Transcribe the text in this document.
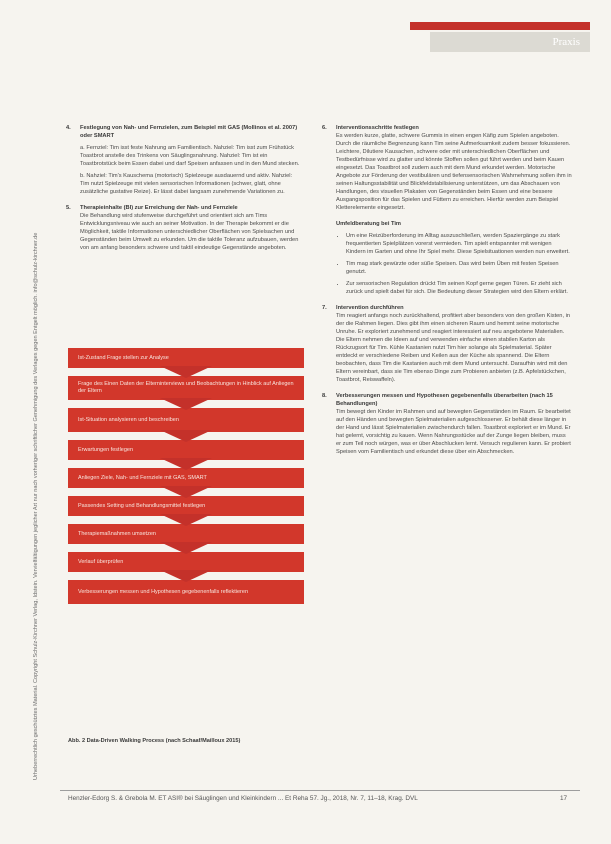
Praxis
Urheberrechtlich geschütztes Material. Copyright Schulz-Kirchner Verlag, Idstein. Vervielfältigungen jeglicher Art nur nach vorheriger schriftlicher Genehmigung des Verlages gegen Entgelt möglich. info@schulz-kirchner.de
4.	Festlegung von Nah- und Fernzielen, zum Beispiel mit GAS (Mollinos et al. 2007) oder SMART
a. Fernziel: Tim isst feste Nahrung am Familientisch. Nahziel: Tim isst zum Frühstück Toastbrot anstelle des Trinkens von Säuglingsnahrung. Nahziel: Tim ist ein Toastbrotstück beim Essen dabei und darf Speisen anfassen und in den Mund stecken.
b. Nahziel: Tim's Kauschema (motorisch) Spielzeuge ausdauernd und aktiv. Nahziel: Tim nutzt Spielzeuge mit vielen sensorischen Informationen (schwer, glatt, ohne zusätzliche gustative Reize). Er lässt dabei langsam zunehmende Variationen zu.
5.	Therapieinhalte (BI) zur Erreichung der Nah- und Fernziele
Die Behandlung wird stufenweise durchgeführt und orientiert sich am Tims Entwicklungsniveau wie auch an seiner Motivation. In der Therapie bekommt er die Möglichkeit, taktile Informationen unterschiedlicher Oberflächen von Spielsachen und Gegenständen beim Umwelt zu erkunden. Um die taktile Toleranz aufzubauen, werden von am anfang besonders schwere und taktil eindeutige Gegenstände angeboten.
Ist-Zustand Frage stellen zur Analyse
Frage des Einen Daten der Elterninterviews und Beobachtungen in Hinblick auf Anliegen der Eltern
Ist-Situation analysieren und beschreiben
Erwartungen festlegen
Anliegen Ziele, Nah- und Fernziele mit GAS, SMART
Passendes Setting und Behandlungsmittel festlegen
Therapiemaßnahmen umsetzen
Verlauf überprüfen
Verbesserungen messen und Hypothesen gegebenenfalls reflektieren
Abb. 2 Data-Driven Walking Process (nach Schaaf/Mailloux 2015)
6.	Interventionsschritte festlegen
Es werden kurze, glatte, schwere Gummis in einen engen Käfig zum Spielen angeboten. Durch die räumliche Begrenzung kann Tim seine Aufmerksamkeit zudem besser fokussieren. Leichtere, Dilutiere Kausachen, schwere oder mit unterschiedlichen Oberflächen und Testbedürfnisse wird zu glatter und könnte Stoffen sollen gut führt werden und beim Kauen eingesetzt. Das Toastbrot soll zudem auch mit dem Mund erkundet werden. Motorische Angebote zur Förderung der vestibulären und tiefensensorischen Wahrnehmung sollen ihm in seinen Haltungsstabilität und Blickfeldstabilisierung unterstützen, um das Abschauen von Handlungen, des visuellen Plakaten von Gegenständen beim Essen und eine bessere Ausgangsposition für das Spielen und Füttern zu erreichen. Hierfür werden zum Beispiel Kletterelemente eingesetzt.
Umfeldberatung bei Tim
• Um eine Reizüberforderung im Alltag auszuschließen, werden Spaziergänge zu stark frequentierten Spielplätzen vorerst vermieden. Tim spielt entspannter mit wenigen Kindern im Garten und ohne Ihr Spiel mehr. Diese Spielsituationen werden nun erweitert.
• Tim mag stark gewürzte oder süße Speisen. Das wird beim Üben mit festen Speisen genutzt.
• Zur sensorischen Regulation drückt Tim seinen Kopf gerne gegen Türen. Er zieht sich zurück und spielt dabei für sich. Die Bedeutung dieser Strategien wird den Eltern erklärt.
7.	Intervention durchführen
Tim reagiert anfangs noch zurückhaltend, profitiert aber besonders von den großen Kisten, in der die Rahmen liegen. Dies gibt ihm einen sicheren Raum und hemmt seine motorische Unruhe. Er exploriert zunehmend und reagiert interessiert auf neu angebotene Materialien. Die Eltern nehmen die Ideen auf und verwenden einfache einen stabilen Karton als Rückzugsort für Tim. Kühle Kastanien nutzt Tim hier solange als Spielmaterial. Später entdeckt er verschiedene Reiben und Keilen aus der Küche als spannend. Die Eltern beobachten, dass Tim die Kastanien auch mit dem Mund untersucht. Daraufhin wird mit den Eltern vereinbart, dass sie Tim ebenso Dinge zum Probieren anbieten (z.B. Apfelstückchen, Toastbrot, Reiswaffeln).
8.	Verbesserungen messen und Hypothesen gegebenenfalls überarbeiten (nach 15 Behandlungen)
Tim bewegt den Kinder im Rahmen und auf bewegten Gegenständen im Raum. Er bearbeitet auf den Händen und bewegten Spielmaterialien aufgeschlossener. Er behält diese länger in der Hand und lässt Spielmaterialien zwischendurch fallen. Toastbrot exploriert er im Mund. Er hat gelernt, vorsichtig zu kauen. Wenn Nahrungsstücke auf der Zunge liegen bleiben, muss er zum Teil noch würgen, was er über Abschlucken lernt. Versuch regulieren kann. Er probiert Speisen vom Familientisch und erkundet diese über ein Abschmecken.
Henzler-Edorg S. & Grebola M. ET ASI® bei Säuglingen und Kleinkindern ... Et Reha 57. Jg., 2018, Nr. 7, 11–18, Krag. DVL	17
